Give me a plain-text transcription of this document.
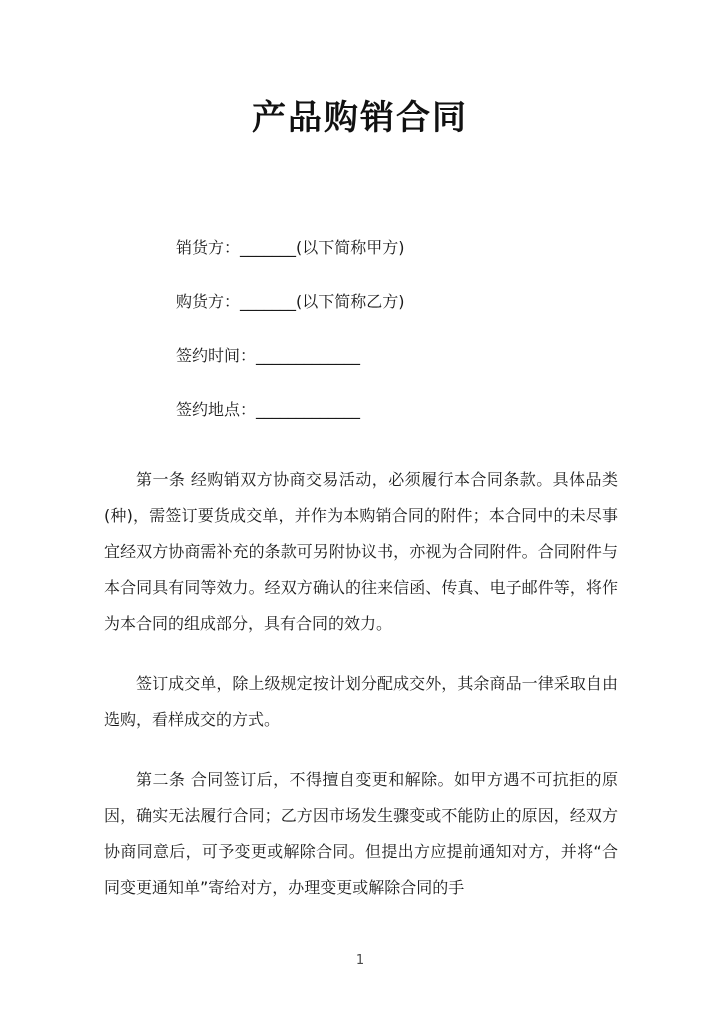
产品购销合同
销货方：_______(以下简称甲方)
购货方：_______(以下简称乙方)
签约时间：_____________
签约地点：_____________

第一条 经购销双方协商交易活动，必须履行本合同条款。具体品类(种)，需签订要货成交单，并作为本购销合同的附件；本合同中的未尽事宜经双方协商需补充的条款可另附协议书，亦视为合同附件。合同附件与本合同具有同等效力。经双方确认的往来信函、传真、电子邮件等，将作为本合同的组成部分，具有合同的效力。

签订成交单，除上级规定按计划分配成交外，其余商品一律采取自由选购，看样成交的方式。

第二条 合同签订后，不得擅自变更和解除。如甲方遇不可抗拒的原因，确实无法履行合同；乙方因市场发生骤变或不能防止的原因，经双方协商同意后，可予变更或解除合同。但提出方应提前通知对方，并将“合同变更通知单”寄给对方，办理变更或解除合同的手

1
